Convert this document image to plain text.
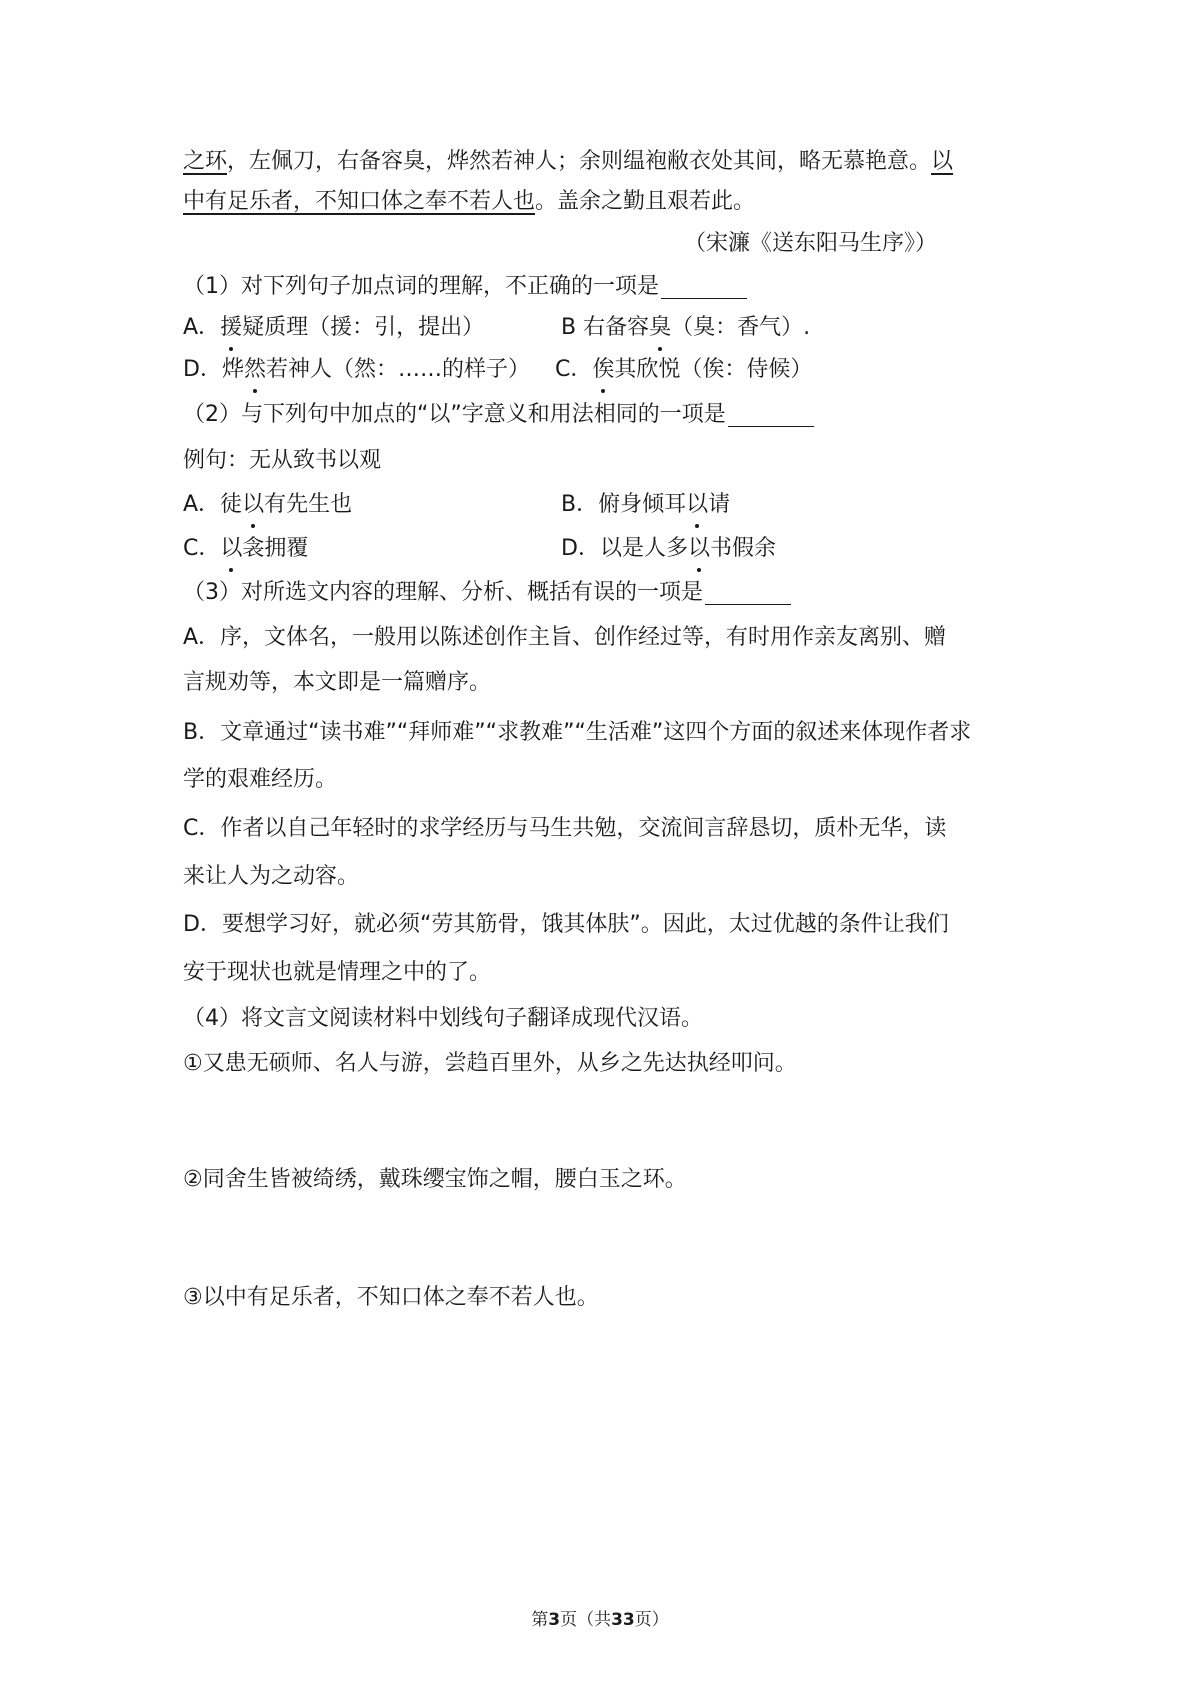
之环，左佩刀，右备容臭，烨然若神人；余则缊袍敝衣处其间，略无慕艳意。以
中有足乐者，不知口体之奉不若人也。盖余之勤且艰若此。
（宋濂《送东阳马生序》）
（1）对下列句子加点词的理解，不正确的一项是
A．援疑质理（援：引，提出）	B 右备容臭（臭：香气）.
D．烨然若神人（然：……的样子） C．俟其欣悦（俟：侍候）
（2）与下列句中加点的“以”字意义和用法相同的一项是
例句：无从致书以观
A．徒以有先生也	B．俯身倾耳以请
C．以衾拥覆	D．以是人多以书假余
（3）对所选文内容的理解、分析、概括有误的一项是
A．序，文体名，一般用以陈述创作主旨、创作经过等，有时用作亲友离别、赠
言规劝等，本文即是一篇赠序。
B．文章通过“读书难”“拜师难”“求教难”“生活难”这四个方面的叙述来体现作者求
学的艰难经历。
C．作者以自己年轻时的求学经历与马生共勉，交流间言辞恳切，质朴无华，读
来让人为之动容。
D．要想学习好，就必须“劳其筋骨，饿其体肤”。因此，太过优越的条件让我们
安于现状也就是情理之中的了。
（4）将文言文阅读材料中划线句子翻译成现代汉语。
①又患无硕师、名人与游，尝趋百里外，从乡之先达执经叩问。
②同舍生皆被绮绣，戴珠缨宝饰之帽，腰白玉之环。
③以中有足乐者，不知口体之奉不若人也。
第3页（共33页）
